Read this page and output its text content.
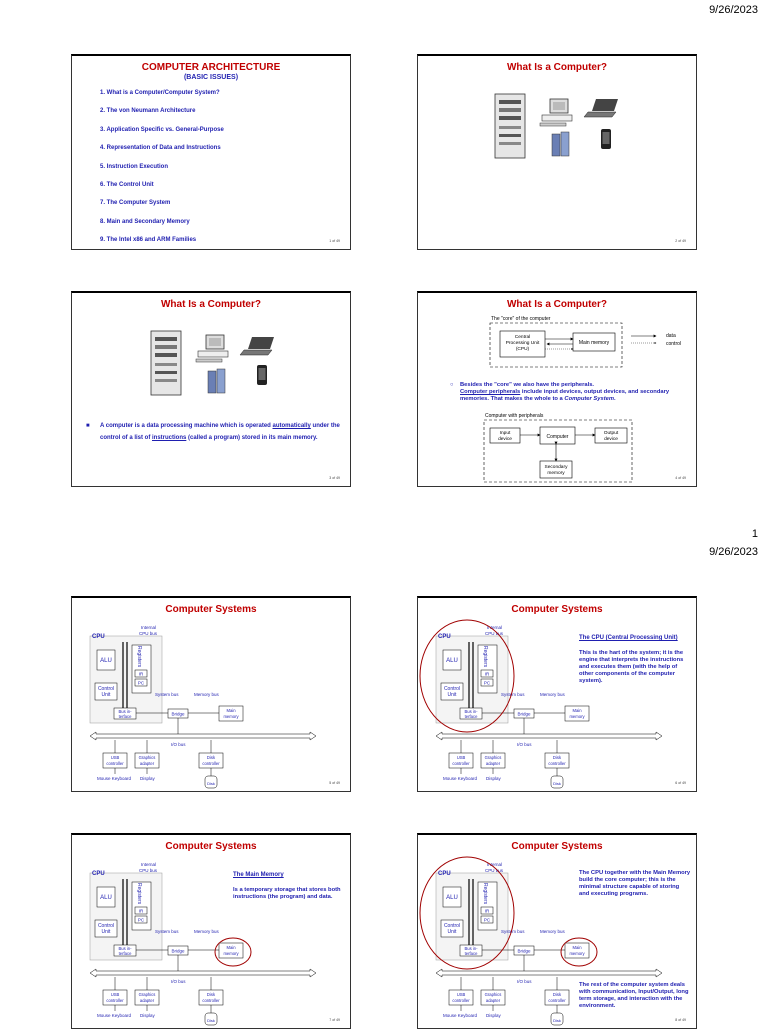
9/26/2023
1
9/26/2023
COMPUTER ARCHITECTURE
(BASIC ISSUES)
1. What is a Computer/Computer System?
2. The von Neumann Architecture
3. Application Specific vs. General-Purpose
4. Representation of Data and Instructions
5. Instruction Execution
6. The Control Unit
7. The Computer System
8. Main and Secondary Memory
9. The Intel x86 and ARM Families	1 of 49
What Is a Computer?
2 of 49
What Is a Computer?
■	A computer is a data processing machine which is operated automatically under the control of a list of instructions (called a program) stored in its main memory.
3 of 49
What Is a Computer?
The "core" of the computer
Central
Processing Unit
(CPU)
Main memory
data
control
Computer with peripherals
Input
device	Computer
Output
device
Secondary
memory
○ Besides the "core" we also have the peripherals.
Computer peripherals include input devices, output devices, and secondary memories. That makes the whole to a Computer System.
4 of 49
Computer Systems
CPU
Internal
CPU bus
ALU	Registers
IR
PC
Control
Unit	System bus	Memory bus
Bus in-
terface	Bridge
Main
memory
I/O bus
USB
controller
Graphics
adapter
Disk
controller
Disk
Mouse Keyboard Display
5 of 49
Computer Systems
CPU
Internal
CPU bus
ALU	Registers
IR
PC
Control
Unit	System bus	Memory bus
Bus in-
terface	Bridge
Main
memory
I/O bus
USB
controller
Graphics
adapter
Disk
controller
Disk
Mouse Keyboard Display
The CPU (Central Processing Unit)
This is the hart of the system; it is the engine that interprets the instructions and executes them (with the help of other components of the computer system).
6 of 49
Computer Systems
CPU
Internal
CPU bus
ALU	Registers
IR
PC
Control
Unit	System bus	Memory bus
Bus in-
terface	Bridge
Main
memory
I/O bus
USB
controller
Graphics
adapter
Disk
controller
Disk
Mouse Keyboard Display
The Main Memory
Is a temporary storage that stores both instructions (the program) and data.
7 of 49
Computer Systems
CPU
Internal
CPU bus
ALU	Registers
IR
PC
Control
Unit	System bus	Memory bus
Bus in-
terface	Bridge
Main
memory
I/O bus
USB
controller
Graphics
adapter
Disk
controller
Disk
Mouse Keyboard Display
The CPU together with the Main Memory build the core computer; this is the minimal structure capable of storing and executing programs.
The rest of the computer system deals with communication, Input/Output, long term storage, and interaction with the environment.
8 of 49
